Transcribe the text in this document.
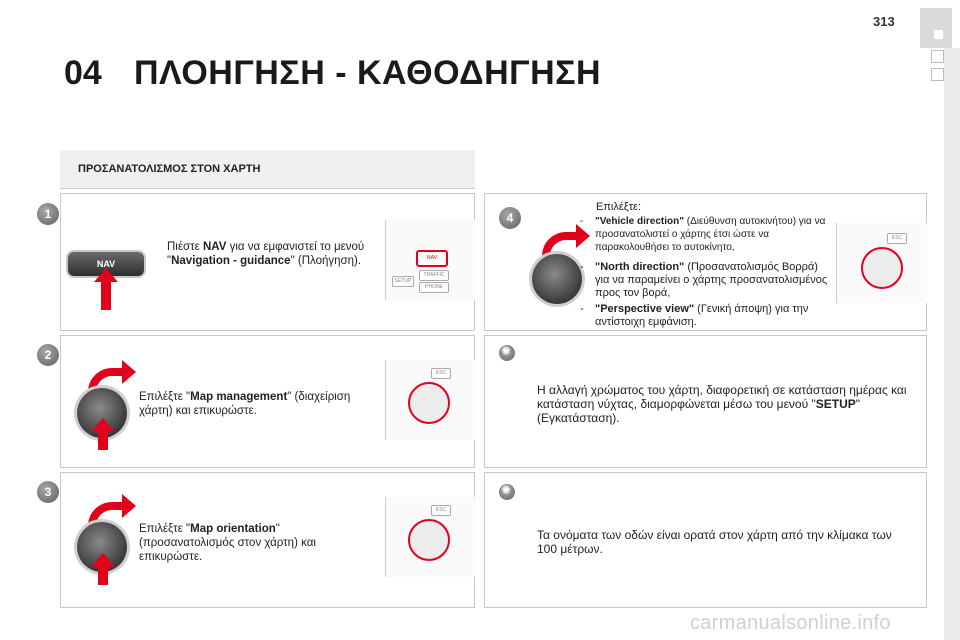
313
04 ΠΛΟΗΓΗΣΗ - ΚΑΘΟΔΗΓΗΣΗ
ΠΡΟΣΑΝΑΤΟΛΙΣΜΟΣ ΣΤΟΝ ΧΑΡΤΗ
1
NAV
Πιέστε NAV για να εμφανιστεί το μενού "Navigation - guidance" (Πλοήγηση).	NAV
TRAFFIC
PHONE
SETUP
2
Επιλέξτε "Map management" (διαχείριση χάρτη) και επικυρώστε.
ESC
3
Επιλέξτε "Map orientation" (προσανατολισμός στον χάρτη) και επικυρώστε.
ESC
4
Επιλέξτε:
- "Vehicle direction" (Διεύθυνση αυτοκινήτου) για να προσανατολιστεί ο χάρτης έτσι ώστε να παρακολουθήσει το αυτοκίνητο,
- "North direction" (Προσανατολισμός Βορρά) για να παραμείνει ο χάρτης προσανατολισμένος προς τον βορά,
- "Perspective view" (Γενική άποψη) για την αντίστοιχη εμφάνιση.
ESC
✺
Η αλλαγή χρώματος του χάρτη, διαφορετική σε κατάσταση ημέρας και κατάσταση νύχτας, διαμορφώνεται μέσω του μενού "SETUP" (Εγκατάσταση).
✺
Τα ονόματα των οδών είναι ορατά στον χάρτη από την κλίμακα των 100 μέτρων.
carmanualsonline.info
